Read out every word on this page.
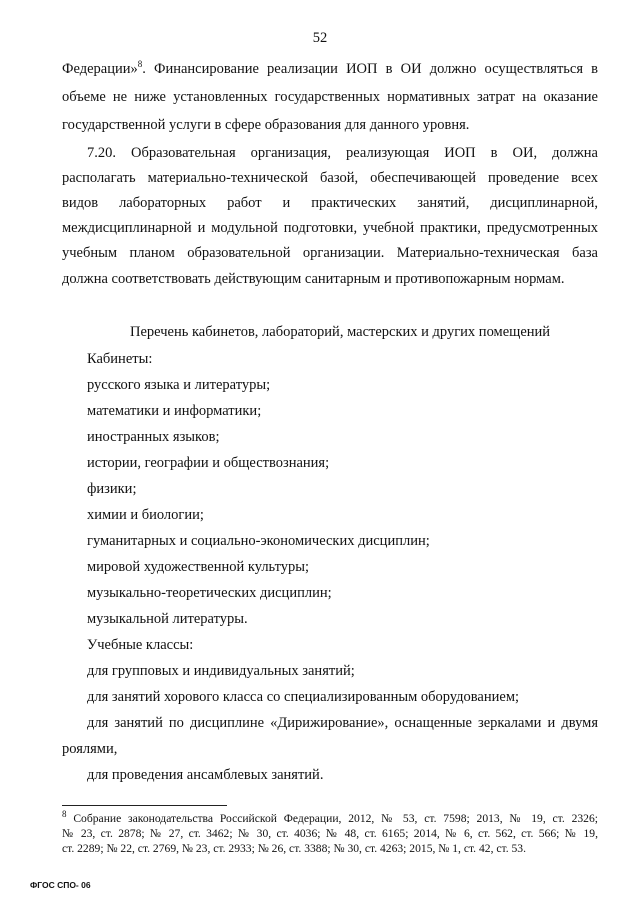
52
Федерации»$^8$. Финансирование реализации ИОП в ОИ должно осуществляться в
объеме не ниже установленных государственных нормативных затрат на оказание
государственной услуги в сфере образования для данного уровня.
7.20. Образовательная организация, реализующая ИОП в ОИ, должна
располагать материально-технической базой, обеспечивающей проведение всех
видов лабораторных работ и практических занятий, дисциплинарной,
междисциплинарной и модульной подготовки, учебной практики, предусмотренных
учебным планом образовательной организации. Материально-техническая база
должна соответствовать действующим санитарным и противопожарным нормам.
Перечень кабинетов, лабораторий, мастерских и других помещений
Кабинеты:
русского языка и литературы;
математики и информатики;
иностранных языков;
истории, географии и обществознания;
физики;
химии и биологии;
гуманитарных и социально-экономических дисциплин;
мировой художественной культуры;
музыкально-теоретических дисциплин;
музыкальной литературы.
Учебные классы:
для групповых и индивидуальных занятий;
для занятий хорового класса со специализированным оборудованием;
для занятий по дисциплине «Дирижирование», оснащенные зеркалами и двумя
роялями,
для проведения ансамблевых занятий.
$^8$ Собрание законодательства Российской Федерации, 2012, № 53, ст. 7598; 2013, № 19, ст. 2326;
№ 23, ст. 2878; № 27, ст. 3462; № 30, ст. 4036; № 48, ст. 6165; 2014, № 6, ст. 562, ст. 566; № 19,
ст. 2289; № 22, ст. 2769, № 23, ст. 2933; № 26, ст. 3388; № 30, ст. 4263; 2015, № 1, ст. 42, ст. 53.
ФГОС СПО- 06
